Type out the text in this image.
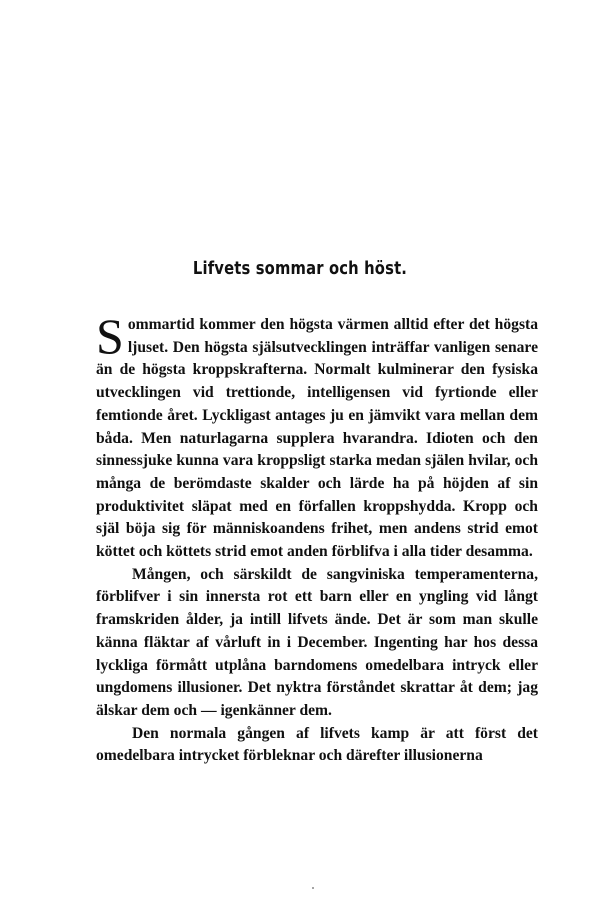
Lifvets sommar och höst.

Sommartid kommer den högsta värmen alltid efter det högsta ljuset. Den högsta själsutvecklingen inträffar vanligen senare än de högsta kroppskrafterna. Normalt kulminerar den fysiska utvecklingen vid trettionde, intelligensen vid fyrtionde eller femtionde året. Lyckligast antages ju en jämvikt vara mellan dem båda. Men naturlagarna supplera hvarandra. Idioten och den sinnessjuke kunna vara kroppsligt starka medan själen hvilar, och många de berömdaste skalder och lärde ha på höjden af sin produktivitet släpat med en förfallen kroppshydda. Kropp och själ böja sig för människoandens frihet, men andens strid emot köttet och köttets strid emot anden förblifva i alla tider desamma.

Mången, och särskildt de sangviniska temperamenterna, förblifver i sin innersta rot ett barn eller en yngling vid långt framskriden ålder, ja intill lifvets ände. Det är som man skulle känna fläktar af vårluft in i December. Ingenting har hos dessa lyckliga förmått utplåna barndomens omedelbara intryck eller ungdomens illusioner. Det nyktra förståndet skrattar åt dem; jag älskar dem och — igenkänner dem.

Den normala gången af lifvets kamp är att först det omedelbara intrycket förbleknar och därefter illusionerna
